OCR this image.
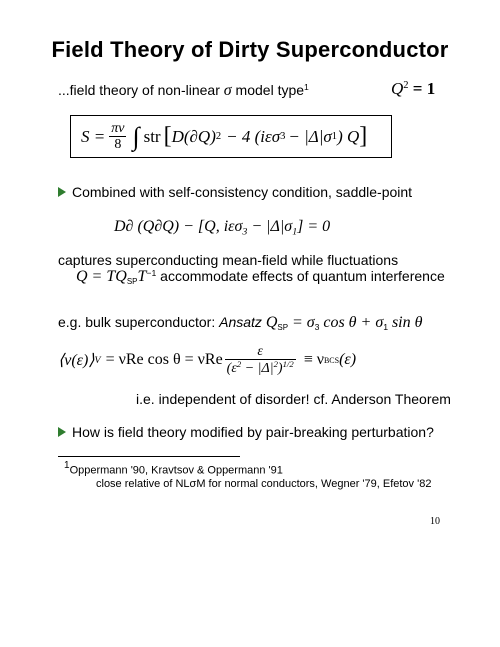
Field Theory of Dirty Superconductor
...field theory of non-linear σ model type$^1$	$Q^2 = 1$
$S = \frac{\pi\nu}{8}$ ∫ str [ D(∂Q) 2 − 4 (iεσ 3 − |Δ|σ 1 ) Q ]
Combined with self-consistency condition, saddle-point
D∂ (Q∂Q) − [Q, $i\varepsilon\sigma_3 - |\Delta|\sigma_1] = 0$
captures superconducting mean-field while fluctuations
$Q = TQ_{SP}T^{-1}$ accommodate effects of quantum interference
e.g. bulk superconductor: Ansatz $Q_{SP} = \sigma_3$ $\cos \theta + \sigma_1$ sin θ
⟨ν(ε)⟩ V = νRe cos θ = νRe $\frac{\varepsilon}{(\varepsilon^2 - |\Delta|^2)^{1/2}} \equiv \nu$ BCS (ε)
i.e. independent of disorder! cf. Anderson Theorem
How is field theory modified by pair-breaking perturbation?
1Oppermann '90, Kravtsov & Oppermann '91
close relative of NLσM for normal conductors, Wegner '79, Efetov '82
10
